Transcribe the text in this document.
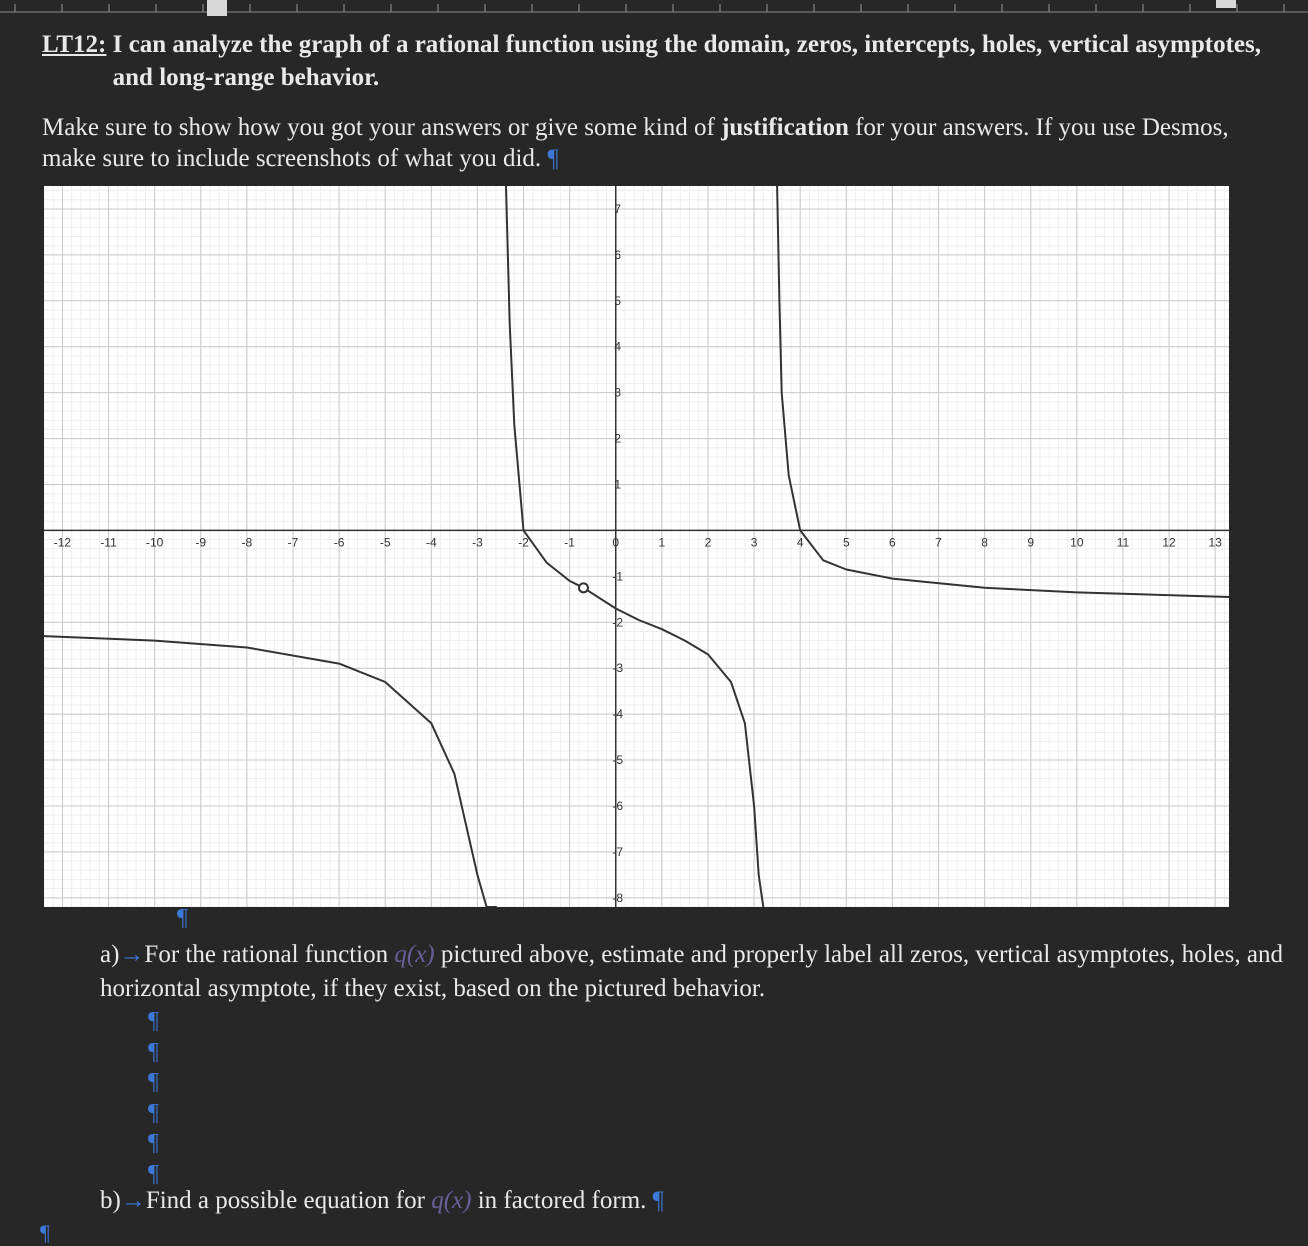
LT12: I can analyze the graph of a rational function using the domain, zeros, intercepts, holes, vertical asymptotes, and long-range behavior.
Make sure to show how you got your answers or give some kind of justification for your answers. If you use Desmos, make sure to include screenshots of what you did. ¶
-12 -11 -10	-9	-8	-7	-6	-5	-4	-3	-2	-1	0	1	2	3	4	5	6	7	8	9	10	11	12	13
-8
-7
-6
-5
-4
-3
-2
-1
1
2
3
4
5
6
7
¶
a)→For the rational function q(x) pictured above, estimate and properly label all zeros, vertical asymptotes, holes, and horizontal asymptote, if they exist, based on the pictured behavior.
¶
¶
¶
¶
¶
¶
b)→Find a possible equation for q(x) in factored form. ¶
¶
